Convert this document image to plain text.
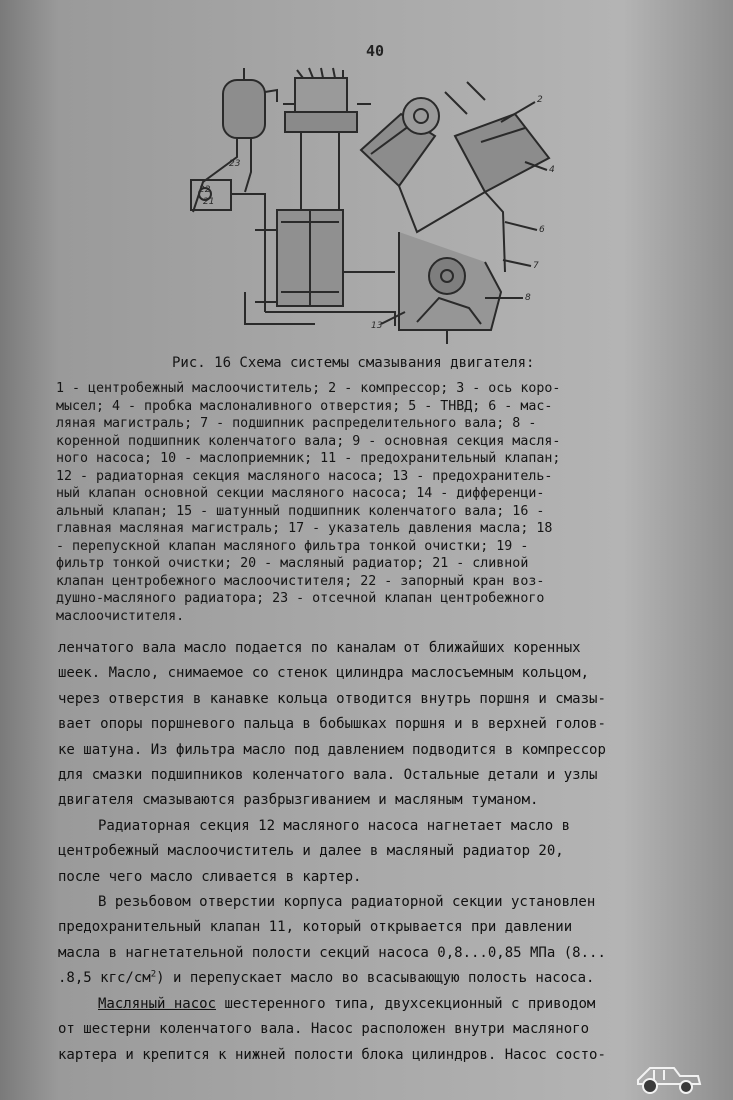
40
23
22
21
2
4
6
7
8
13
Рис. 16 Схема системы смазывания двигателя:
1 - центробежный маслоочиститель; 2 - компрессор; 3 - ось коро-
мысел; 4 - пробка маслоналивного отверстия; 5 - ТНВД; 6 - мас-
ляная магистраль; 7 - подшипник распределительного вала; 8 -
коренной подшипник коленчатого вала; 9 - основная секция масля-
ного насоса; 10 - маслоприемник; 11 - предохранительный клапан;
12 - радиаторная секция масляного насоса; 13 - предохранитель-
ный клапан основной секции масляного насоса; 14 - дифференци-
альный клапан; 15 - шатунный подшипник коленчатого вала; 16 -
главная масляная магистраль; 17 - указатель давления масла; 18
- перепускной клапан масляного фильтра тонкой очистки; 19 -
фильтр тонкой очистки; 20 - масляный радиатор; 21 - сливной
клапан центробежного маслоочистителя; 22 - запорный кран воз-
душно-масляного радиатора; 23 - отсечной клапан центробежного
маслоочистителя.
ленчатого вала масло подается по каналам от ближайших коренных
шеек. Масло, снимаемое со стенок цилиндра маслосъемным кольцом,
через отверстия в канавке кольца отводится внутрь поршня и смазы-
вает опоры поршневого пальца в бобышках поршня и в верхней голов-
ке шатуна. Из фильтра масло под давлением подводится в компрессор
для смазки подшипников коленчатого вала. Остальные детали и узлы
двигателя смазываются разбрызгиванием и масляным туманом.
Радиаторная секция 12 масляного насоса нагнетает масло в
центробежный маслоочиститель и далее в масляный радиатор 20,
после чего масло сливается в картер.
В резьбовом отверстии корпуса радиаторной секции установлен
предохранительный клапан 11, который открывается при давлении
масла в нагнетательной полости секций насоса 0,8...0,85 МПа (8...
.8,5 кгс/$см^2$) и перепускает масло во всасывающую полость насоса.
Масляный насос шестеренного типа, двухсекционный с приводом
от шестерни коленчатого вала. Насос расположен внутри масляного
картера и крепится к нижней полости блока цилиндров. Насос состо-
